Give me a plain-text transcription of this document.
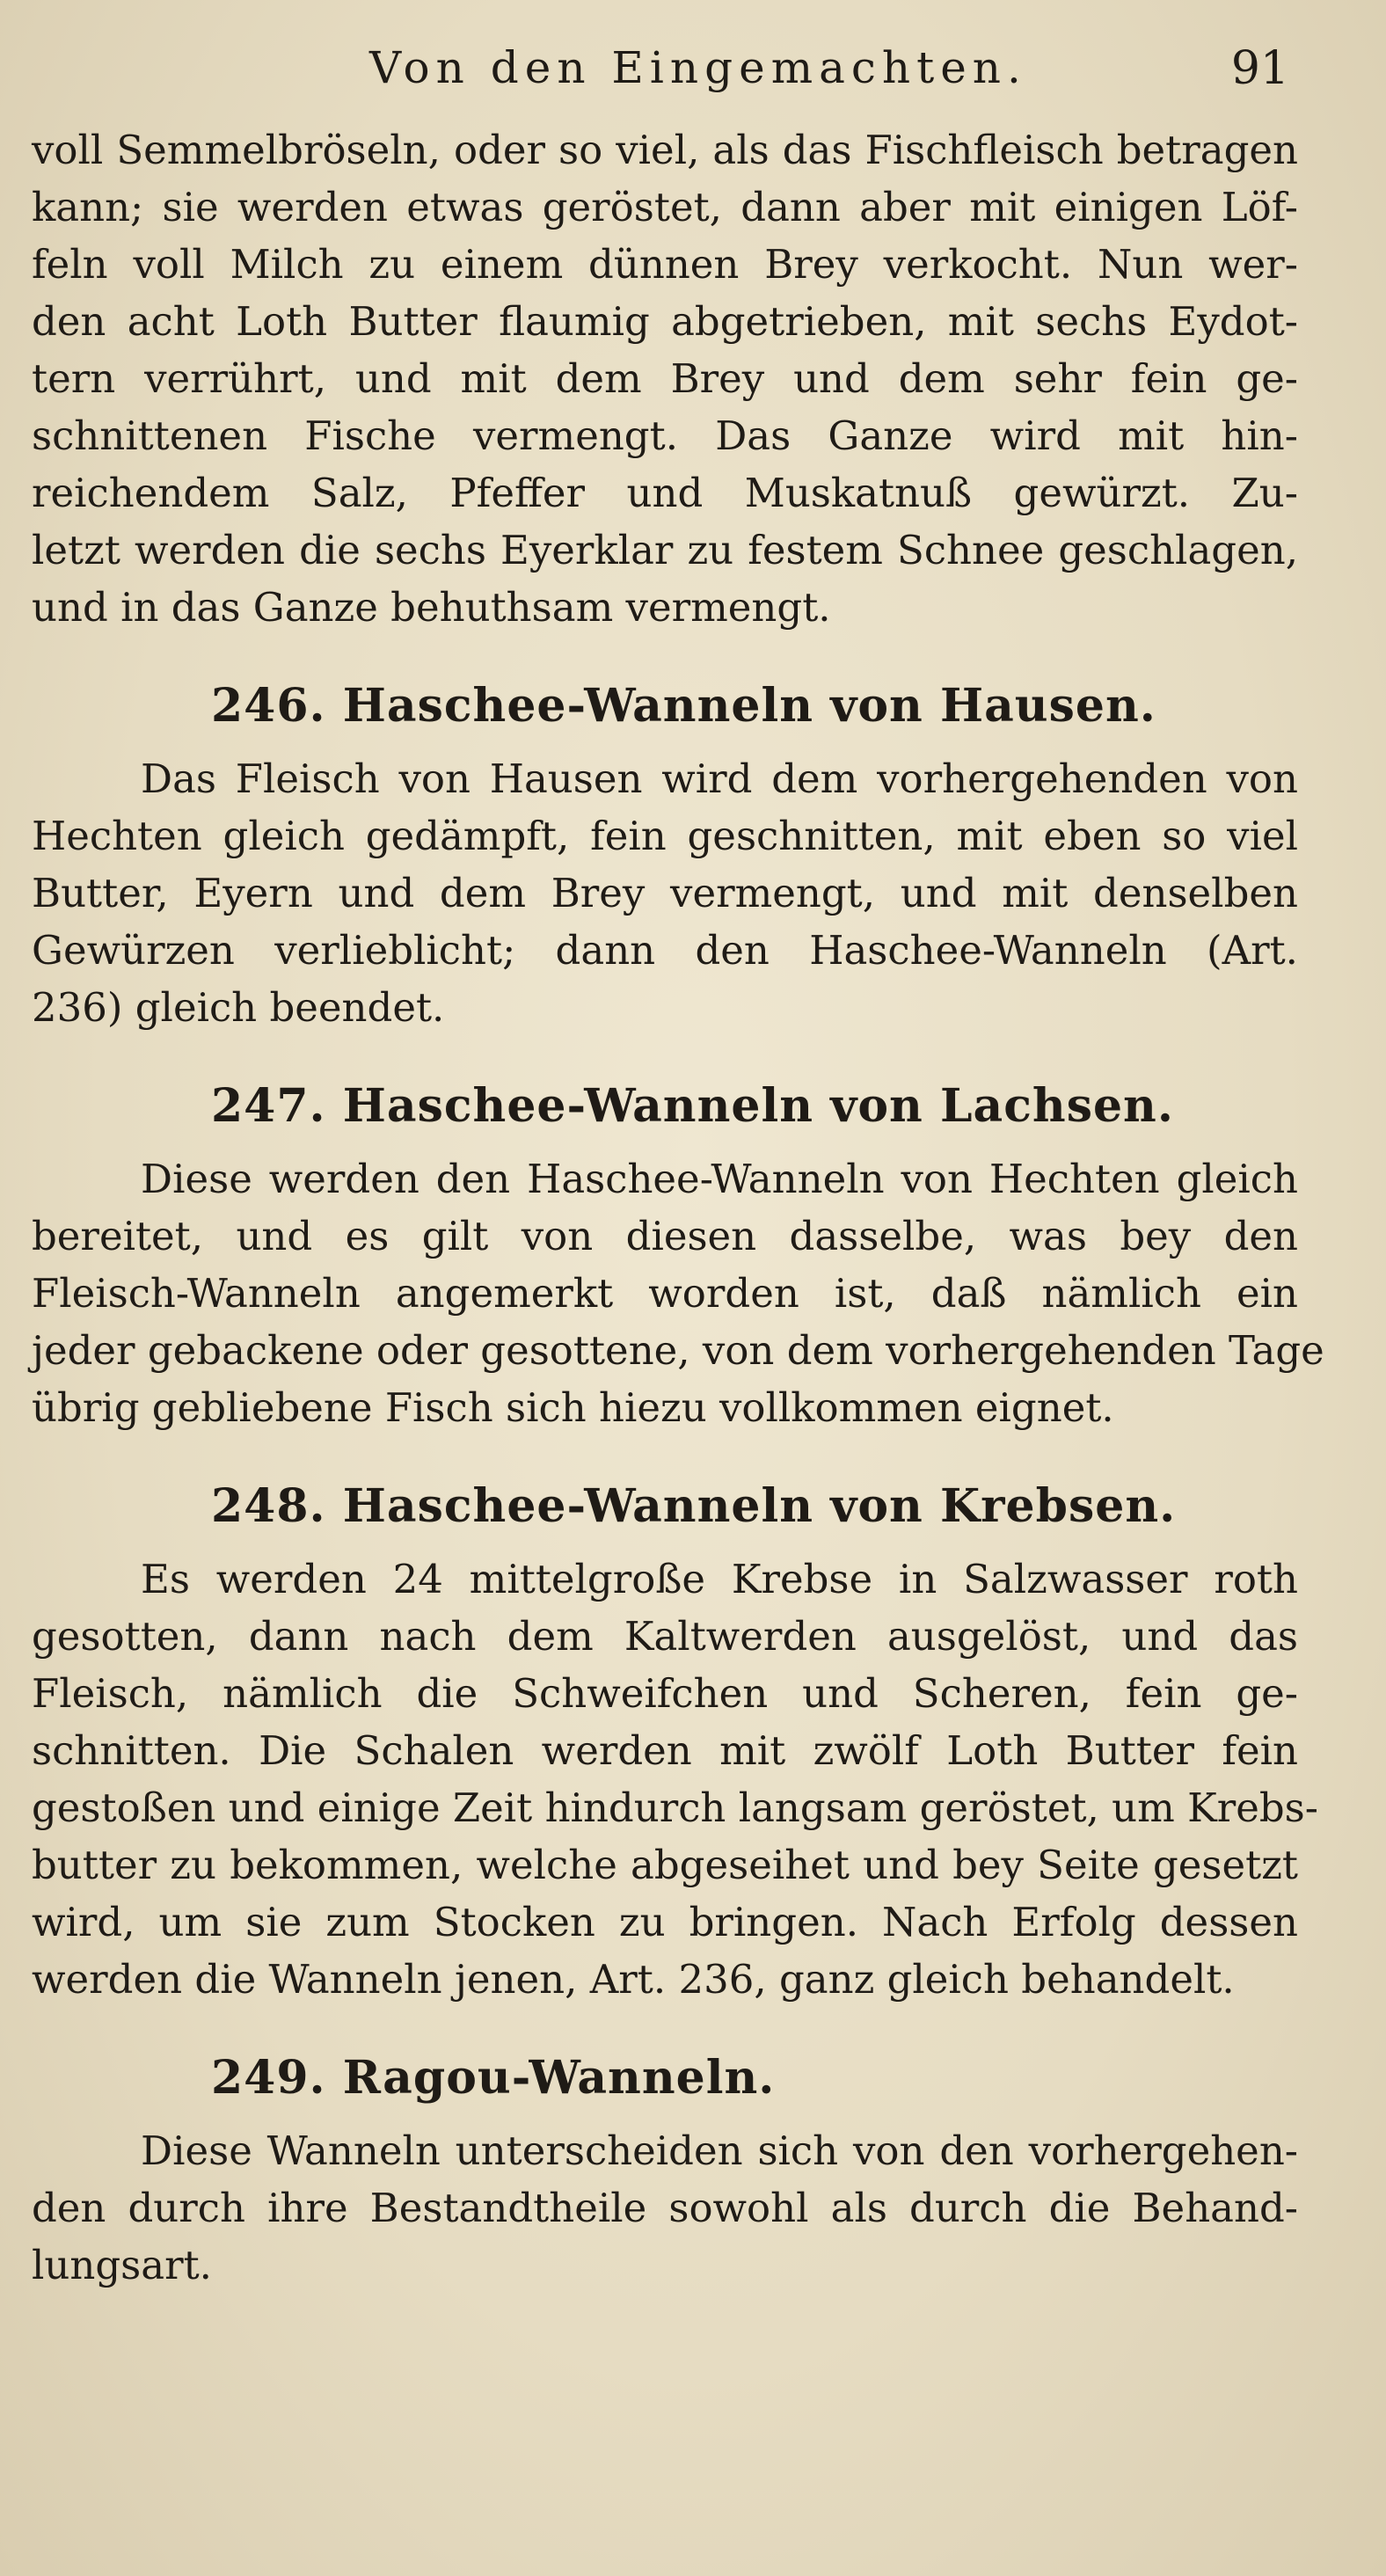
Von den Eingemachten.	91
voll Semmelbröseln, oder so viel, als das Fischfleisch betragen
kann; sie werden etwas geröstet, dann aber mit einigen Löf-
feln voll Milch zu einem dünnen Brey verkocht. Nun wer-
den acht Loth Butter flaumig abgetrieben, mit sechs Eydot-
tern verrührt, und mit dem Brey und dem sehr fein ge-
schnittenen Fische vermengt. Das Ganze wird mit hin-
reichendem Salz, Pfeffer und Muskatnuß gewürzt. Zu-
letzt werden die sechs Eyerklar zu festem Schnee geschlagen,
und in das Ganze behuthsam vermengt.
246. Haschee-Wanneln von Hausen.
Das Fleisch von Hausen wird dem vorhergehenden von
Hechten gleich gedämpft, fein geschnitten, mit eben so viel
Butter, Eyern und dem Brey vermengt, und mit denselben
Gewürzen verlieblicht; dann den Haschee-Wanneln (Art.
236) gleich beendet.
247. Haschee-Wanneln von Lachsen.
Diese werden den Haschee-Wanneln von Hechten gleich
bereitet, und es gilt von diesen dasselbe, was bey den
Fleisch-Wanneln angemerkt worden ist, daß nämlich ein
jeder gebackene oder gesottene, von dem vorhergehenden Tage
übrig gebliebene Fisch sich hiezu vollkommen eignet.
248. Haschee-Wanneln von Krebsen.
Es werden 24 mittelgroße Krebse in Salzwasser roth
gesotten, dann nach dem Kaltwerden ausgelöst, und das
Fleisch, nämlich die Schweifchen und Scheren, fein ge-
schnitten. Die Schalen werden mit zwölf Loth Butter fein
gestoßen und einige Zeit hindurch langsam geröstet, um Krebs-
butter zu bekommen, welche abgeseihet und bey Seite gesetzt
wird, um sie zum Stocken zu bringen. Nach Erfolg dessen
werden die Wanneln jenen, Art. 236, ganz gleich behandelt.
249. Ragou-Wanneln.
Diese Wanneln unterscheiden sich von den vorhergehen-
den durch ihre Bestandtheile sowohl als durch die Behand-
lungsart.
